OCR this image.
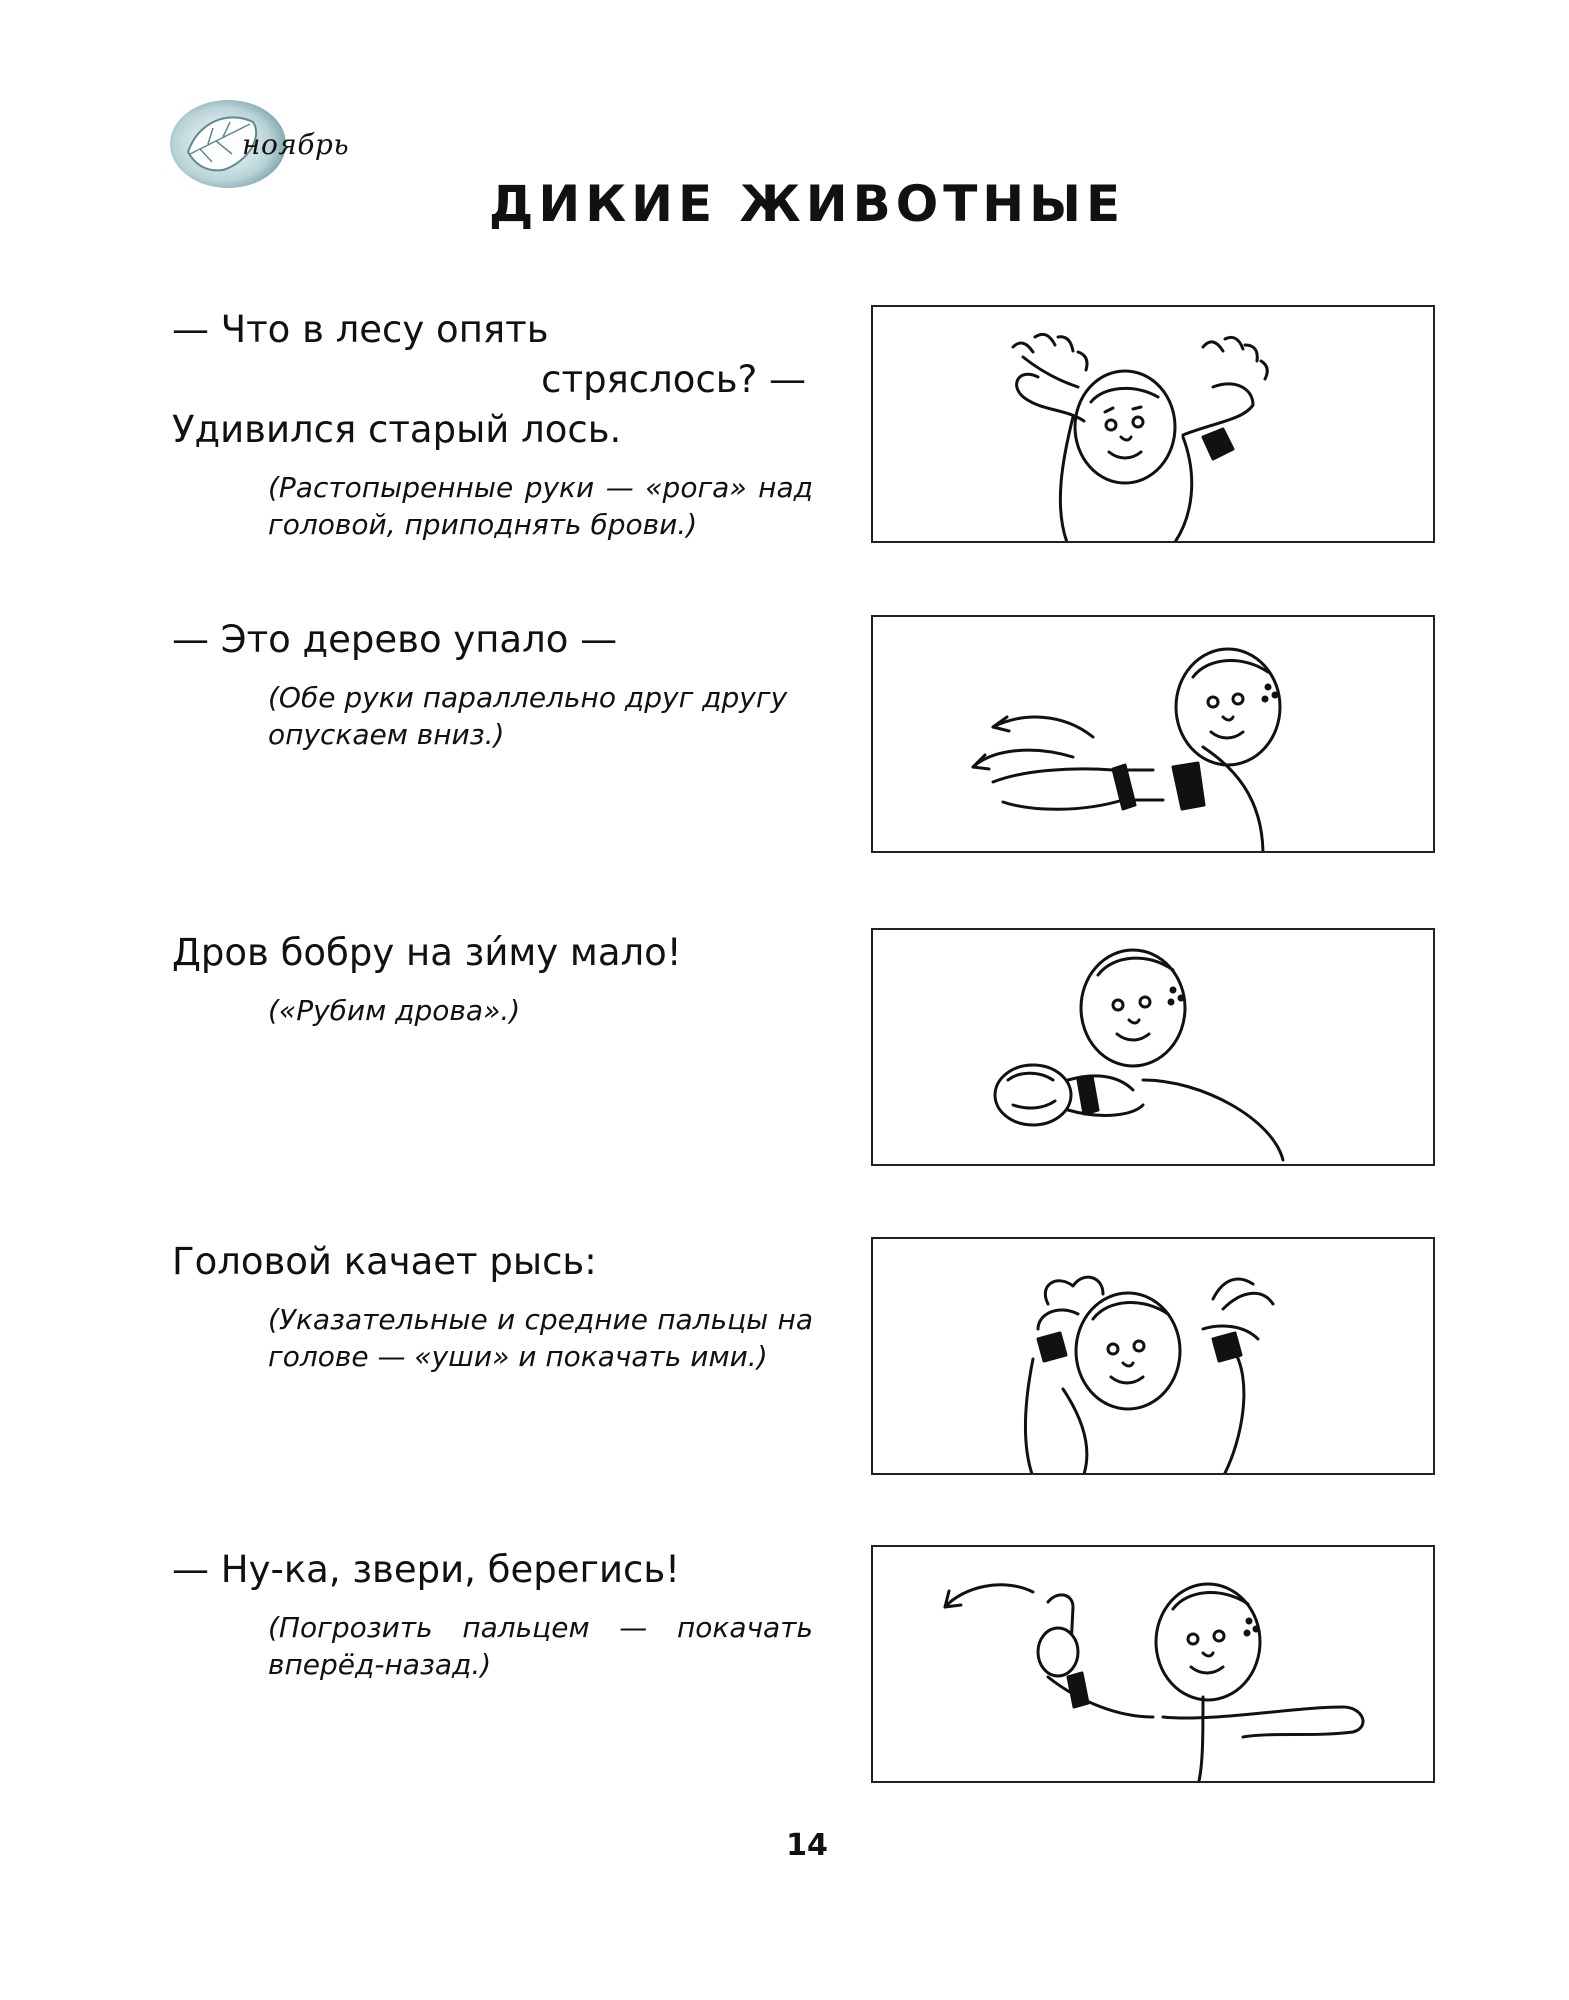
ноябрь
ДИКИЕ ЖИВОТНЫЕ
— Что в лесу опять
стряслось? —
Удивился старый лось.
(Растопыренные руки — «рога» над головой, приподнять брови.)
— Это дерево упало —
(Обе руки параллельно друг другу опускаем вниз.)
Дров бобру на зи́му мало!
(«Рубим дрова».)
Головой качает рысь:
(Указательные и средние пальцы на голове — «уши» и покачать ими.)
— Ну-ка, звери, берегись!
(Погрозить пальцем — покачать вперёд-назад.)
14
